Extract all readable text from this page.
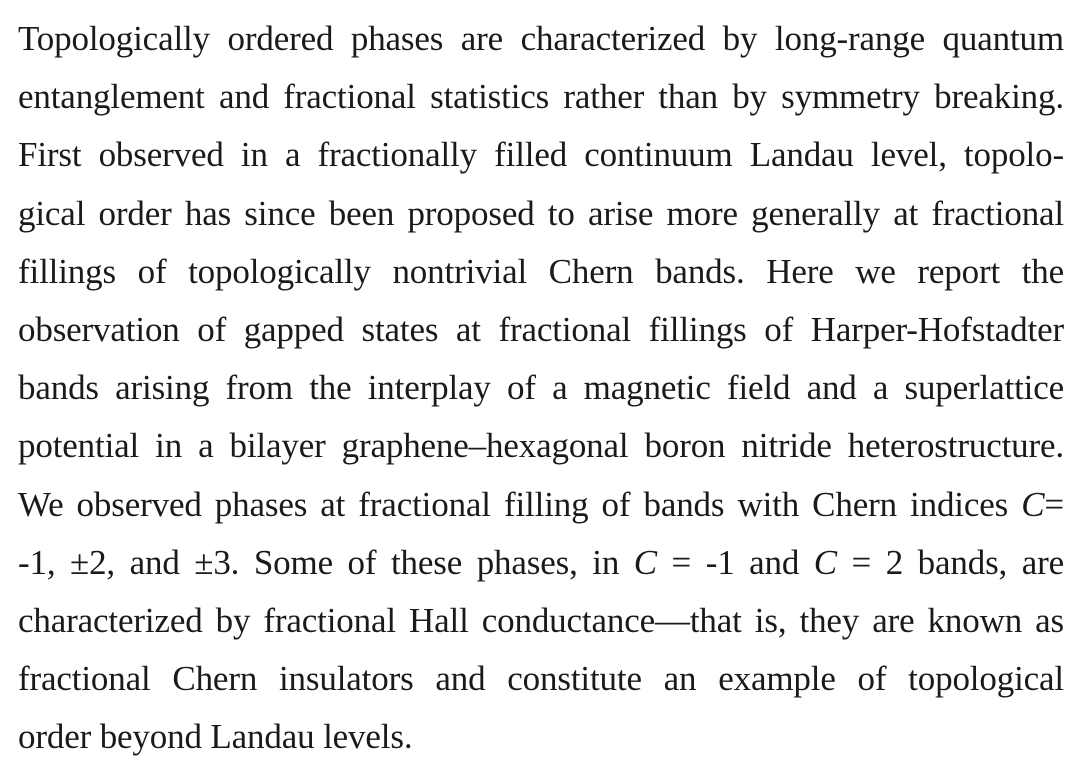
Topologically ordered phases are characterized by long-range quantum
entanglement and fractional statistics rather than by symmetry breaking.
First observed in a fractionally filled continuum Landau level, topolo-
gical order has since been proposed to arise more generally at fractional
fillings of topologically nontrivial Chern bands. Here we report the
observation of gapped states at fractional fillings of Harper-Hofstadter
bands arising from the interplay of a magnetic field and a superlattice
potential in a bilayer graphene–hexagonal boron nitride heterostructure.
We observed phases at fractional filling of bands with Chern indices C=
-1, ±2, and ±3. Some of these phases, in C = -1 and C = 2 bands, are
characterized by fractional Hall conductance—that is, they are known as
fractional Chern insulators and constitute an example of topological
order beyond Landau levels.
